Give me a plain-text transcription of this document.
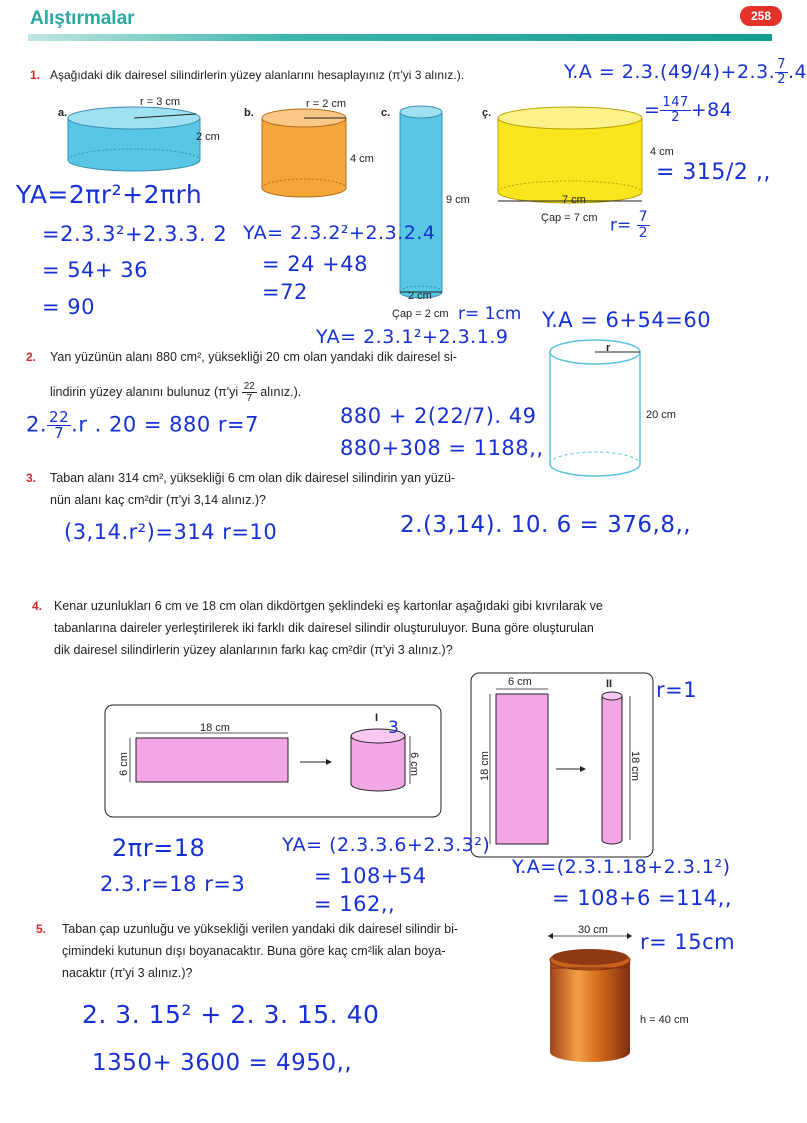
Alıştırmalar	258
1. Aşağıdaki dik dairesel silindirlerin yüzey alanlarını hesaplayınız (π'yi 3 alınız.).
a.	b.	c.	ç.
r = 3 cm
2 cm
r = 2 cm
4 cm
9 cm
2 cm
Çap = 2 cm
4 cm
7 cm
Çap = 7 cm
YA=2πr²+2πrh
=2.3.3²+2.3.3. 2
= 54+ 36
= 90
YA= 2.3.2²+2.3.2.4
= 24 +48
=72
r= 1cm
YA= 2.3.1²+2.3.1.9
Y.A = 6+54=60
$r= \frac{7}{2}$
Y.A = 2.3.(49/4)+2.3. $\frac{7}{2} .4$
= $\frac{147}{2} +84$
= 315/2 ,,
2. Yan yüzünün alanı 880 cm², yüksekliği 20 cm olan yandaki dik dairesel si-
lindirin yüzey alanını bulunuz ($\pi'yi \frac{22}{7}$ alınız.).
r
20 cm
2. $\frac{22}{7} .r$ . 20 = 880 r=7	880 + 2(22/7). 49
880+308 = 1188,,
3. Taban alanı 314 cm², yüksekliği 6 cm olan dik dairesel silindirin yan yüzü-
nün alanı kaç cm²dir (π'yi 3,14 alınız.)?
(3,14.r²)=314 r=10	2.(3,14). 10. 6 = 376,8,,
4. Kenar uzunlukları 6 cm ve 18 cm olan dikdörtgen şeklindeki eş kartonlar aşağıdaki gibi kıvrılarak ve
tabanlarına daireler yerleştirilerek iki farklı dik dairesel silindir oluşturuluyor. Buna göre oluşturulan
dik dairesel silindirlerin yüzey alanlarının farkı kaç cm²dir (π'yi 3 alınız.)?
18 cm
6 cm
I
6 cm
6 cm
18 cm
II
18 cm
3
r=1
2πr=18
2.3.r=18 r=3
YA= (2.3.3.6+2.3.3²)
= 108+54
= 162,,
Y.A=(2.3.1.18+2.3.1²)
= 108+6 =114,,
5. Taban çap uzunluğu ve yüksekliği verilen yandaki dik dairesel silindir bi-
çimindeki kutunun dışı boyanacaktır. Buna göre kaç cm²lik alan boya-
nacaktır (π'yi 3 alınız.)?
30 cm
h = 40 cm
r= 15cm
2. 3. 15² + 2. 3. 15. 40
1350+ 3600 = 4950,,
